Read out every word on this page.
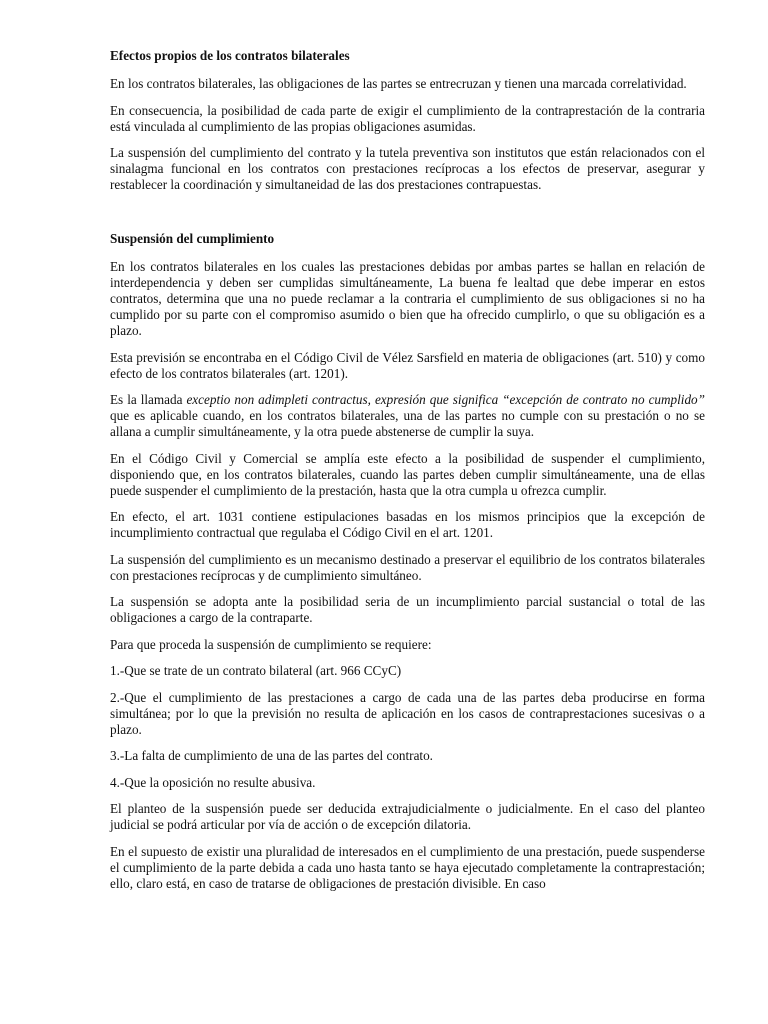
Efectos propios de los contratos bilaterales

En los contratos bilaterales, las obligaciones de las partes se entrecruzan y tienen una marcada correlatividad.

En consecuencia, la posibilidad de cada parte de exigir el cumplimiento de la contraprestación de la contraria está vinculada al cumplimiento de las propias obligaciones asumidas.

La suspensión del cumplimiento del contrato y la tutela preventiva son institutos que están relacionados con el sinalagma funcional en los contratos con prestaciones recíprocas a los efectos de preservar, asegurar y restablecer la coordinación y simultaneidad de las dos prestaciones contrapuestas.

Suspensión del cumplimiento

En los contratos bilaterales en los cuales las prestaciones debidas por ambas partes se hallan en relación de interdependencia y deben ser cumplidas simultáneamente, La buena fe lealtad que debe imperar en estos contratos, determina que una no puede reclamar a la contraria el cumplimiento de sus obligaciones si no ha cumplido por su parte con el compromiso asumido o bien que ha ofrecido cumplirlo, o que su obligación es a plazo.

Esta previsión se encontraba en el Código Civil de Vélez Sarsfield en materia de obligaciones (art. 510) y como efecto de los contratos bilaterales (art. 1201).

Es la llamada exceptio non adimpleti contractus, expresión que significa “excepción de contrato no cumplido” que es aplicable cuando, en los contratos bilaterales, una de las partes no cumple con su prestación o no se allana a cumplir simultáneamente, y la otra puede abstenerse de cumplir la suya.

En el Código Civil y Comercial se amplía este efecto a la posibilidad de suspender el cumplimiento, disponiendo que, en los contratos bilaterales, cuando las partes deben cumplir simultáneamente, una de ellas puede suspender el cumplimiento de la prestación, hasta que la otra cumpla u ofrezca cumplir.

En efecto, el art. 1031 contiene estipulaciones basadas en los mismos principios que la excepción de incumplimiento contractual que regulaba el Código Civil en el art. 1201.

La suspensión del cumplimiento es un mecanismo destinado a preservar el equilibrio de los contratos bilaterales con prestaciones recíprocas y de cumplimiento simultáneo.

La suspensión se adopta ante la posibilidad seria de un incumplimiento parcial sustancial o total de las obligaciones a cargo de la contraparte.

Para que proceda la suspensión de cumplimiento se requiere:

1.-Que se trate de un contrato bilateral (art. 966 CCyC)

2.-Que el cumplimiento de las prestaciones a cargo de cada una de las partes deba producirse en forma simultánea; por lo que la previsión no resulta de aplicación en los casos de contraprestaciones sucesivas o a plazo.

3.-La falta de cumplimiento de una de las partes del contrato.

4.-Que la oposición no resulte abusiva.

El planteo de la suspensión puede ser deducida extrajudicialmente o judicialmente. En el caso del planteo judicial se podrá articular por vía de acción o de excepción dilatoria.

En el supuesto de existir una pluralidad de interesados en el cumplimiento de una prestación, puede suspenderse el cumplimiento de la parte debida a cada uno hasta tanto se haya ejecutado completamente la contraprestación; ello, claro está, en caso de tratarse de obligaciones de prestación divisible. En caso
